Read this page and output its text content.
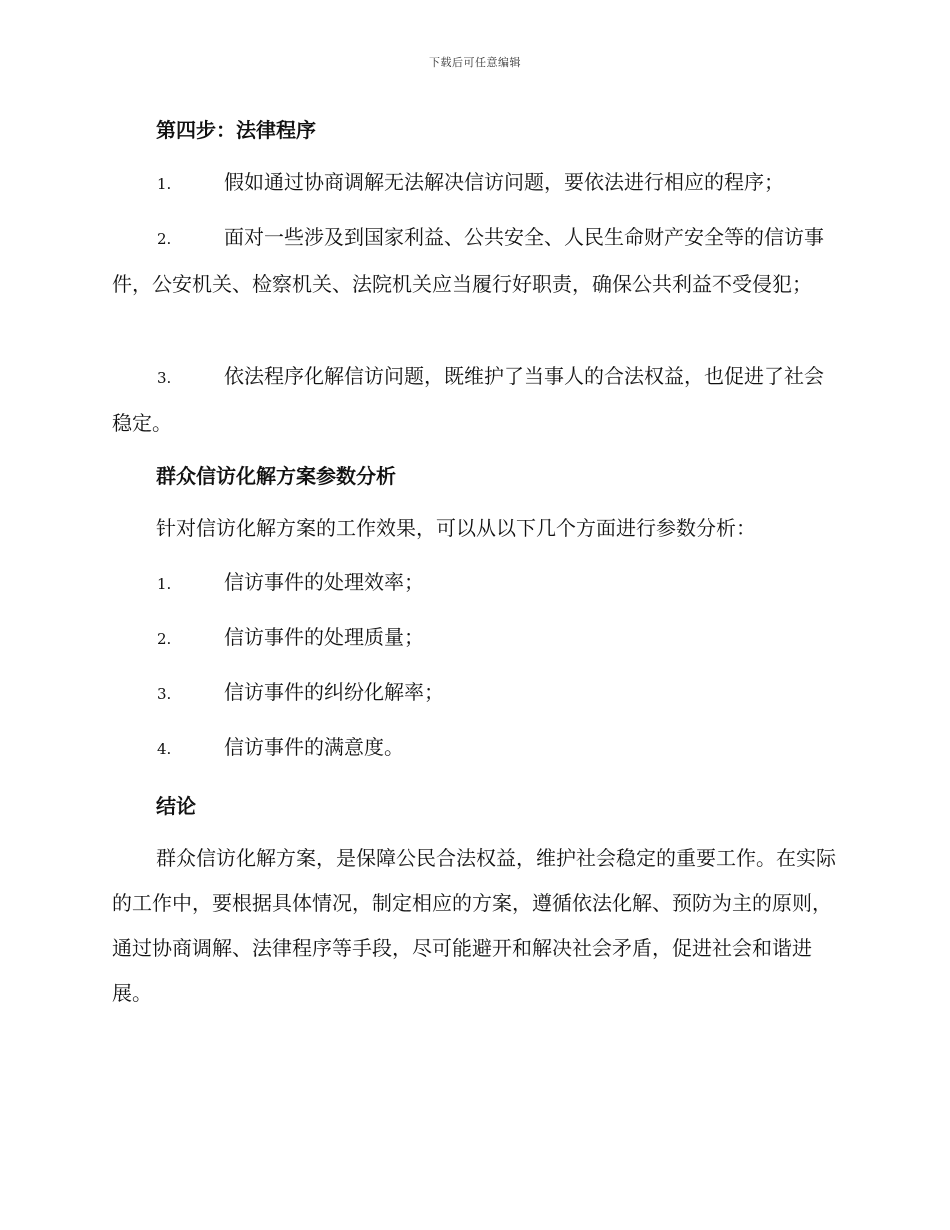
下载后可任意编辑
第四步：法律程序
1.	假如通过协商调解无法解决信访问题，要依法进行相应的程序；
2.	面对一些涉及到国家利益、公共安全、人民生命财产安全等的信访事件，公安机关、检察机关、法院机关应当履行好职责，确保公共利益不受侵犯；
3.	依法程序化解信访问题，既维护了当事人的合法权益，也促进了社会稳定。
群众信访化解方案参数分析
针对信访化解方案的工作效果，可以从以下几个方面进行参数分析：
1.	信访事件的处理效率；
2.	信访事件的处理质量；
3.	信访事件的纠纷化解率；
4.	信访事件的满意度。
结论
群众信访化解方案，是保障公民合法权益，维护社会稳定的重要工作。在实际的工作中，要根据具体情况，制定相应的方案，遵循依法化解、预防为主的原则，通过协商调解、法律程序等手段，尽可能避开和解决社会矛盾，促进社会和谐进展。
